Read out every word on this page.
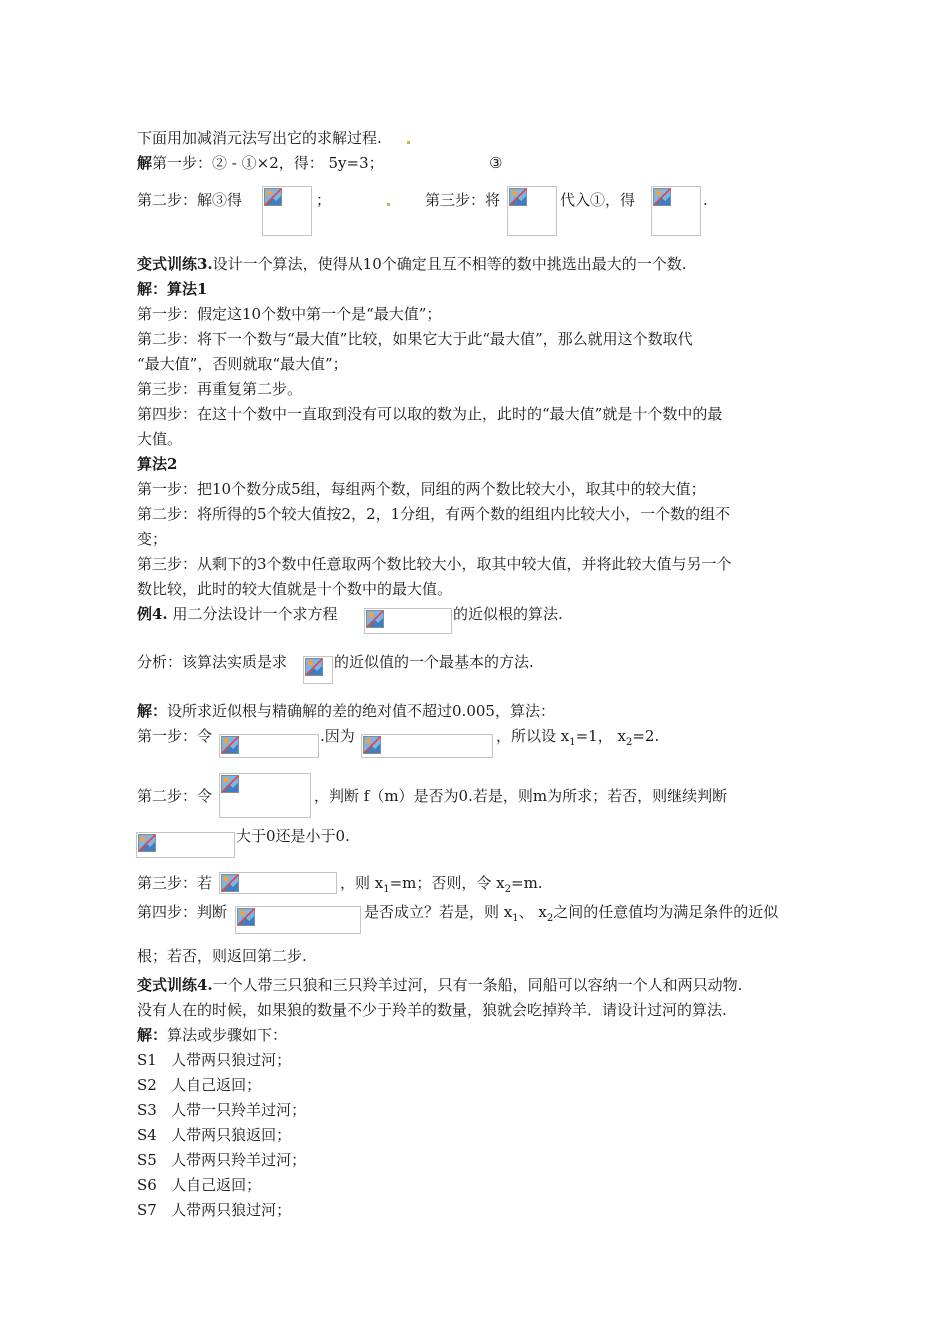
下面用加减消元法写出它的求解过程.
解第一步：② - ①×2，得： 5y=3；	③
第二步：解③得	；	第三步：将	代入①，得	.
变式训练3.设计一个算法，使得从10个确定且互不相等的数中挑选出最大的一个数.
解：算法1
第一步：假定这10个数中第一个是“最大值”；
第二步：将下一个数与“最大值”比较，如果它大于此“最大值”，那么就用这个数取代
“最大值”，否则就取“最大值”；
第三步：再重复第二步。
第四步：在这十个数中一直取到没有可以取的数为止，此时的“最大值”就是十个数中的最
大值。
算法2
第一步：把10个数分成5组，每组两个数，同组的两个数比较大小，取其中的较大值；
第二步：将所得的5个较大值按2，2，1分组，有两个数的组组内比较大小，一个数的组不
变；
第三步：从剩下的3个数中任意取两个数比较大小，取其中较大值，并将此较大值与另一个
数比较，此时的较大值就是十个数中的最大值。
例4. 用二分法设计一个求方程	的近似根的算法.
分析：该算法实质是求	的近似值的一个最基本的方法.
解：设所求近似根与精确解的差的绝对值不超过0.005，算法：
第一步：令	.因为	，所以设 $x_1=1$， $x_2=2$.
第二步：令	，判断 f（m）是否为0.若是，则m为所求；若否，则继续判断
大于0还是小于0.
第三步：若	，则 $x_1=m$；否则，令 $x_2=m$.
第四步：判断	是否成立？若是，则 $x_1$、 $x_2$之间的任意值均为满足条件的近似
根；若否，则返回第二步.
变式训练4.一个人带三只狼和三只羚羊过河，只有一条船，同船可以容纳一个人和两只动物.
没有人在的时候，如果狼的数量不少于羚羊的数量，狼就会吃掉羚羊．请设计过河的算法.
解：算法或步骤如下：
S1 人带两只狼过河；
S2 人自己返回；
S3 人带一只羚羊过河；
S4 人带两只狼返回；
S5 人带两只羚羊过河；
S6 人自己返回；
S7 人带两只狼过河；
